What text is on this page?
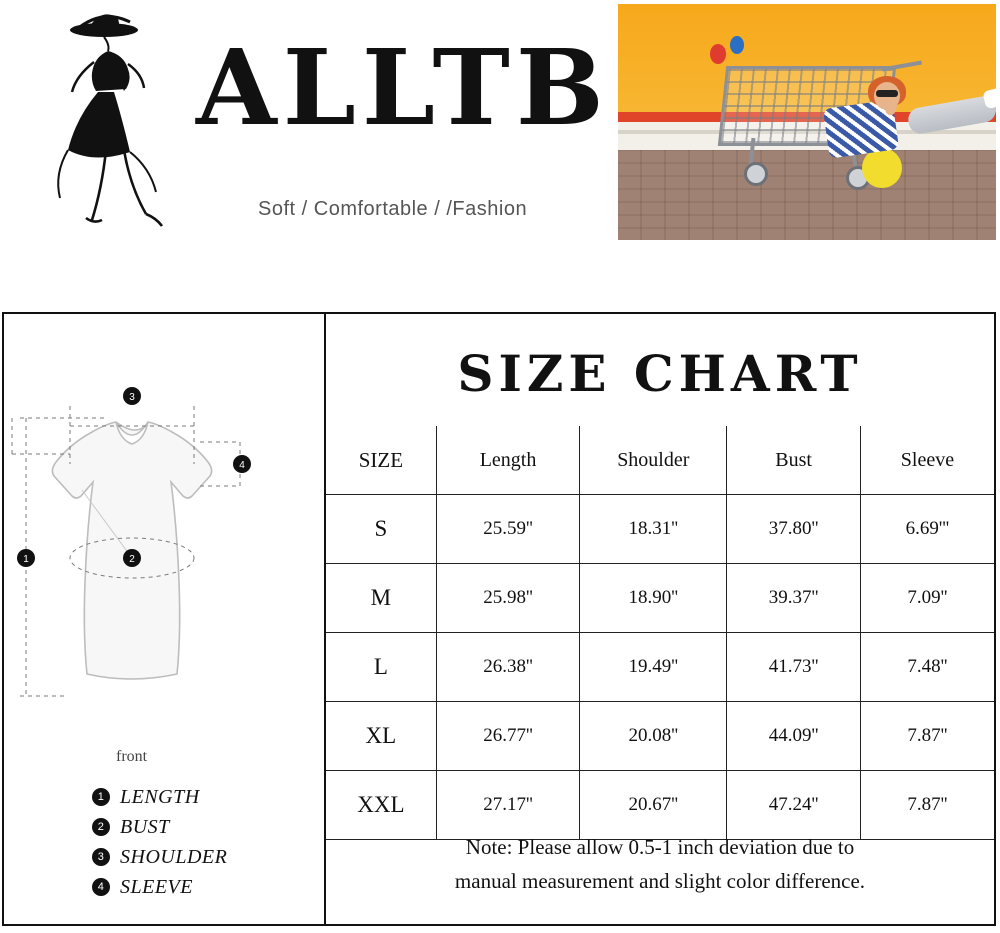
ALLTB
Soft / Comfortable / /Fashion
3
4
1	2
front
1 LENGTH
2 BUST
3 SHOULDER
4 SLEEVE
SIZE CHART
SIZE	Length	Shoulder	Bust	Sleeve
S	25.59''	18.31''	37.80''	6.69'''
M	25.98''	18.90''	39.37''	7.09''
L	26.38''	19.49''	41.73''	7.48''
XL	26.77''	20.08''	44.09''	7.87''
XXL	27.17''	20.67''	47.24''	7.87''
Note: Please allow 0.5-1 inch deviation due to
manual measurement and slight color difference.
